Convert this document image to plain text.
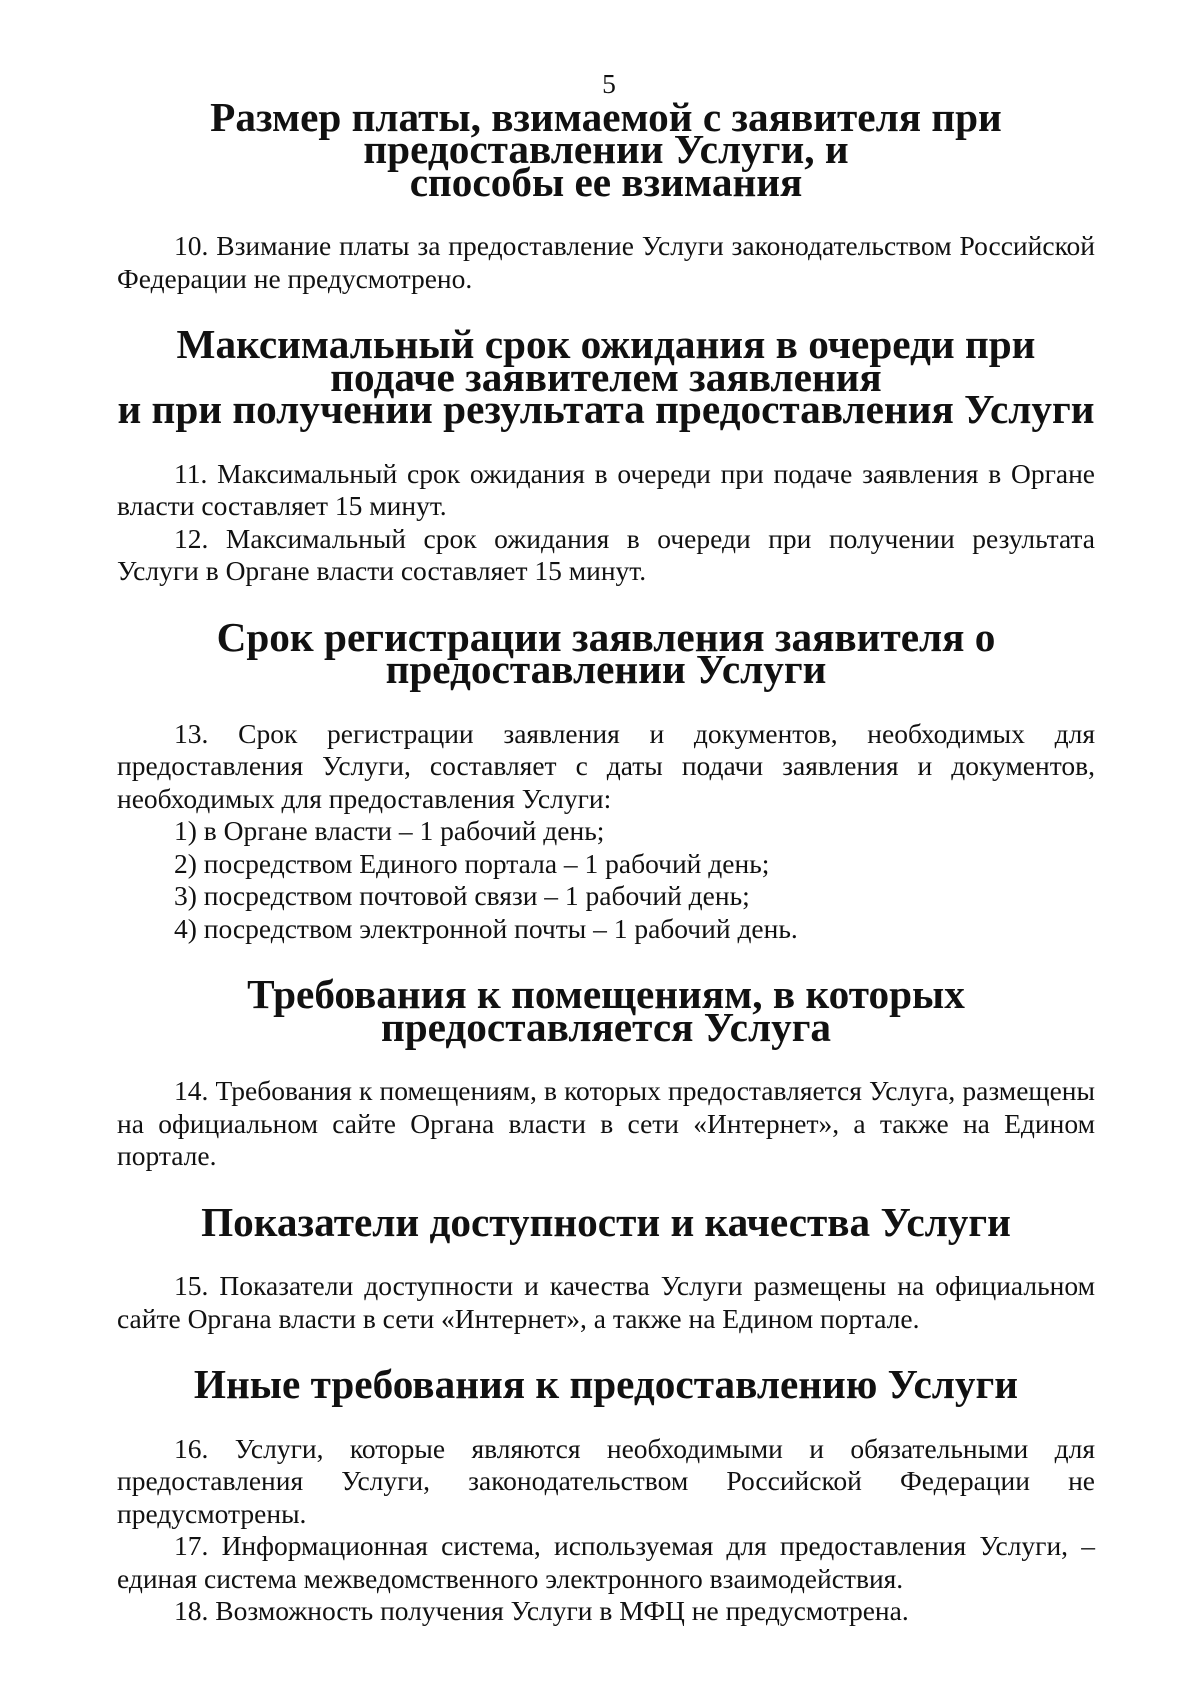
5

Размер платы, взимаемой с заявителя при предоставлении Услуги, и
способы ее взимания

10. Взимание платы за предоставление Услуги законодательством Российской Федерации не предусмотрено.

Максимальный срок ожидания в очереди при подаче заявителем заявления
и при получении результата предоставления Услуги

11. Максимальный срок ожидания в очереди при подаче заявления в Органе власти составляет 15 минут.

12. Максимальный срок ожидания в очереди при получении результата Услуги в Органе власти составляет 15 минут.

Срок регистрации заявления заявителя о предоставлении Услуги

13. Срок регистрации заявления и документов, необходимых для предоставления Услуги, составляет с даты подачи заявления и документов, необходимых для предоставления Услуги:

1) в Органе власти – 1 рабочий день;

2) посредством Единого портала – 1 рабочий день;

3) посредством почтовой связи – 1 рабочий день;

4) посредством электронной почты – 1 рабочий день.

Требования к помещениям, в которых предоставляется Услуга

14. Требования к помещениям, в которых предоставляется Услуга, размещены на официальном сайте Органа власти в сети «Интернет», а также на Едином портале.

Показатели доступности и качества Услуги

15. Показатели доступности и качества Услуги размещены на официальном сайте Органа власти в сети «Интернет», а также на Едином портале.

Иные требования к предоставлению Услуги

16. Услуги, которые являются необходимыми и обязательными для предоставления Услуги, законодательством Российской Федерации не предусмотрены.

17. Информационная система, используемая для предоставления Услуги, – единая система межведомственного электронного взаимодействия.

18. Возможность получения Услуги в МФЦ не предусмотрена.
